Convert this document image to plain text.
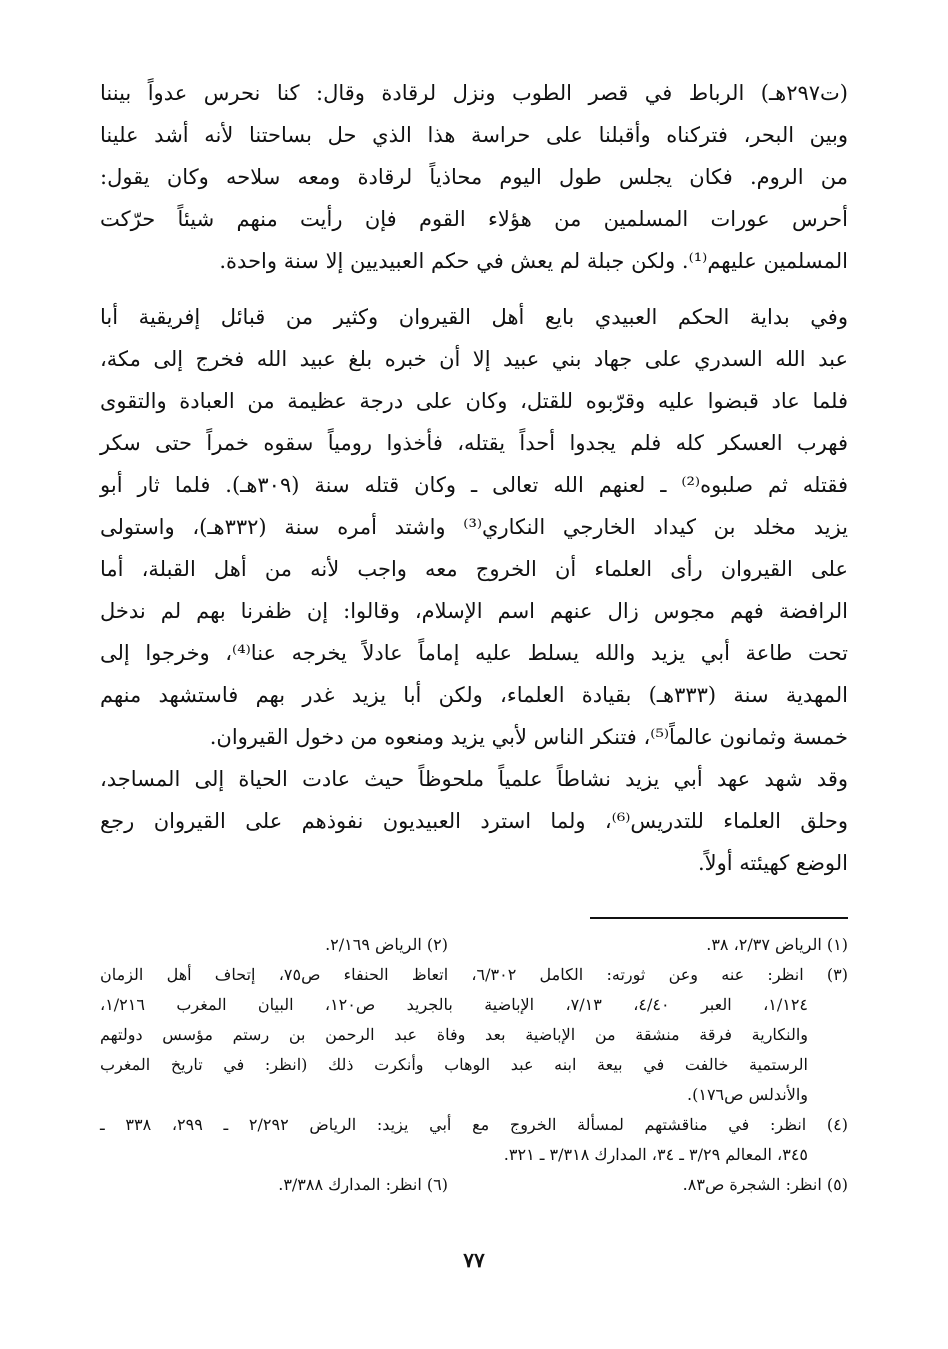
(ت٢٩٧هـ) الرباط في قصر الطوب ونزل لرقادة وقال: كنا نحرس عدواً بيننا
وبين البحر، فتركناه وأقبلنا على حراسة هذا الذي حل بساحتنا لأنه أشد علينا
من الروم. فكان يجلس طول اليوم محاذياً لرقادة ومعه سلاحه وكان يقول:
أحرس عورات المسلمين من هؤلاء القوم فإن رأيت منهم شيئاً حرّكت
المسلمين عليهم⁽¹⁾. ولكن جبلة لم يعش في حكم العبيديين إلا سنة واحدة.
وفي بداية الحكم العبيدي بايع أهل القيروان وكثير من قبائل إفريقية أبا
عبد الله السدري على جهاد بني عبيد إلا أن خبره بلغ عبيد الله فخرج إلى مكة،
فلما عاد قبضوا عليه وقرّبوه للقتل، وكان على درجة عظيمة من العبادة والتقوى
فهرب العسكر كله فلم يجدوا أحداً يقتله، فأخذوا رومياً سقوه خمراً حتى سكر
فقتله ثم صلبوه⁽²⁾ ـ لعنهم الله تعالى ـ وكان قتله سنة (٣٠٩هـ). فلما ثار أبو
يزيد مخلد بن كيداد الخارجي النكاري⁽³⁾ واشتد أمره سنة (٣٣٢هـ)، واستولى
على القيروان رأى العلماء أن الخروج معه واجب لأنه من أهل القبلة، أما
الرافضة فهم مجوس زال عنهم اسم الإسلام، وقالوا: إن ظفرنا بهم لم ندخل
تحت طاعة أبي يزيد والله يسلط عليه إماماً عادلاً يخرجه عنا⁽⁴⁾، وخرجوا إلى
المهدية سنة (٣٣٣هـ) بقيادة العلماء، ولكن أبا يزيد غدر بهم فاستشهد منهم
خمسة وثمانون عالماً⁽⁵⁾، فتنكر الناس لأبي يزيد ومنعوه من دخول القيروان.
وقد شهد عهد أبي يزيد نشاطاً علمياً ملحوظاً حيث عادت الحياة إلى المساجد،
وحلق العلماء للتدريس⁽⁶⁾، ولما استرد العبيديون نفوذهم على القيروان رجع
الوضع كهيئته أولاً.
(١) الرياض ٢/٣٧، ٣٨.
(٢) الرياض ٢/١٦٩.
(٣) انظر: عنه وعن ثورته: الكامل ٦/٣٠٢، اتعاظ الحنفاء ص٧٥، إتحاف أهل الزمان
١/١٢٤، العبر ٤/٤٠، ٧/١٣، الإباضية بالجريد ص١٢٠، البيان المغرب ١/٢١٦،
والنكارية فرقة منشقة من الإباضية بعد وفاة عبد الرحمن بن رستم مؤسس دولتهم
الرستمية خالفت في بيعة ابنه عبد الوهاب وأنكرت ذلك (انظر: في تاريخ المغرب
والأندلس ص١٧٦).
(٤) انظر: في مناقشتهم لمسألة الخروج مع أبي يزيد: الرياض ٢/٢٩٢ ـ ٢٩٩، ٣٣٨ ـ
٣٤٥، المعالم ٣/٢٩ ـ ٣٤، المدارك ٣/٣١٨ ـ ٣٢١.
(٥) انظر: الشجرة ص٨٣.
(٦) انظر: المدارك ٣/٣٨٨.
٧٧
